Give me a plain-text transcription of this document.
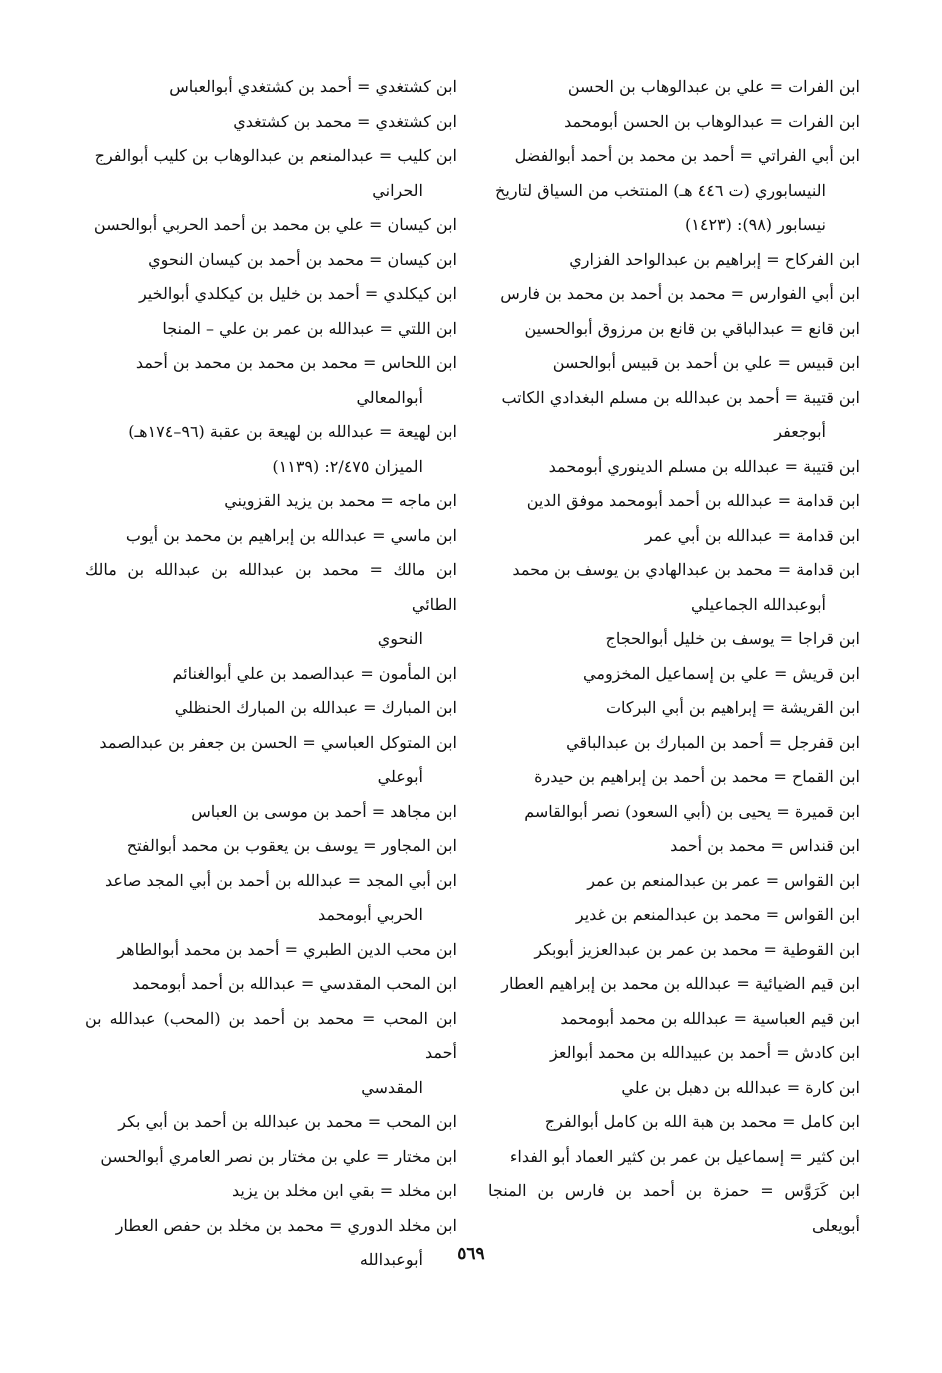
ابن الفرات = علي بن عبدالوهاب بن الحسن
ابن الفرات = عبدالوهاب بن الحسن أبومحمد
ابن أبي الفراتي = أحمد بن محمد بن أحمد أبوالفضل
النيسابوري (ت ٤٤٦ هـ) المنتخب من السياق لتاريخ
نيسابور (٩٨): (١٤٢٣)
ابن الفركاح = إبراهيم بن عبدالواحد الفزاري
ابن أبي الفوارس = محمد بن أحمد بن محمد بن فارس
ابن قانع = عبدالباقي بن قانع بن مرزوق أبوالحسين
ابن قبيس = علي بن أحمد بن قبيس أبوالحسن
ابن قتيبة = أحمد بن عبدالله بن مسلم البغدادي الكاتب
أبوجعفر
ابن قتيبة = عبدالله بن مسلم الدينوري أبومحمد
ابن قدامة = عبدالله بن أحمد أبومحمد موفق الدين
ابن قدامة = عبدالله بن أبي عمر
ابن قدامة = محمد بن عبدالهادي بن يوسف بن محمد
أبوعبدالله الجماعيلي
ابن قراجا = يوسف بن خليل أبوالحجاج
ابن قريش = علي بن إسماعيل المخزومي
ابن القريشة = إبراهيم بن أبي البركات
ابن قفرجل = أحمد بن المبارك بن عبدالباقي
ابن القماح = محمد بن أحمد بن إبراهيم بن حيدرة
ابن قميرة = يحيى بن (أبي السعود) نصر أبوالقاسم
ابن قنداس = محمد بن أحمد
ابن القواس = عمر بن عبدالمنعم بن عمر
ابن القواس = محمد بن عبدالمنعم بن غدير
ابن القوطية = محمد بن عمر بن عبدالعزيز أبوبكر
ابن قيم الضيائية = عبدالله بن محمد بن إبراهيم العطار
ابن قيم العباسية = عبدالله بن محمد أبومحمد
ابن كادش = أحمد بن عبيدالله بن محمد أبوالعز
ابن كارة = عبدالله بن دهبل بن علي
ابن كامل = محمد بن هبة الله بن كامل أبوالفرج
ابن كثير = إسماعيل بن عمر بن كثير العماد أبو الفداء
ابن كَرَوَّس = حمزة بن أحمد بن فارس بن المنجا أبويعلى
ابن كشتغدي = أحمد بن كشتغدي أبوالعباس
ابن كشتغدي = محمد بن كشتغدي
ابن كليب = عبدالمنعم بن عبدالوهاب بن كليب أبوالفرج
الحراني
ابن كيسان = علي بن محمد بن أحمد الحربي أبوالحسن
ابن كيسان = محمد بن أحمد بن كيسان النحوي
ابن كيكلدي = أحمد بن خليل بن كيكلدي أبوالخير
ابن اللتي = عبدالله بن عمر بن علي – المنجا
ابن اللحاس = محمد بن محمد بن محمد بن أحمد
أبوالمعالي
ابن لهيعة = عبدالله بن لهيعة بن عقبة (٩٦–١٧٤هـ)
الميزان ٢/٤٧٥: (١١٣٩)
ابن ماجه = محمد بن يزيد القزويني
ابن ماسي = عبدالله بن إبراهيم بن محمد بن أيوب
ابن مالك = محمد بن عبدالله بن عبدالله بن مالك الطائي
النحوي
ابن المأمون = عبدالصمد بن علي أبوالغنائم
ابن المبارك = عبدالله بن المبارك الحنظلي
ابن المتوكل العباسي = الحسن بن جعفر بن عبدالصمد
أبوعلي
ابن مجاهد = أحمد بن موسى بن العباس
ابن المجاور = يوسف بن يعقوب بن محمد أبوالفتح
ابن أبي المجد = عبدالله بن أحمد بن أبي المجد صاعد
الحربي أبومحمد
ابن محب الدين الطبري = أحمد بن محمد أبوالطاهر
ابن المحب المقدسي = عبدالله بن أحمد أبومحمد
ابن المحب = محمد بن أحمد بن (المحب) عبدالله بن أحمد
المقدسي
ابن المحب = محمد بن عبدالله بن أحمد بن أبي بكر
ابن مختار = علي بن مختار بن نصر العامري أبوالحسن
ابن مخلد = بقي ابن مخلد بن يزيد
ابن مخلد الدوري = محمد بن مخلد بن حفص العطار
أبوعبدالله	٥٦٩
